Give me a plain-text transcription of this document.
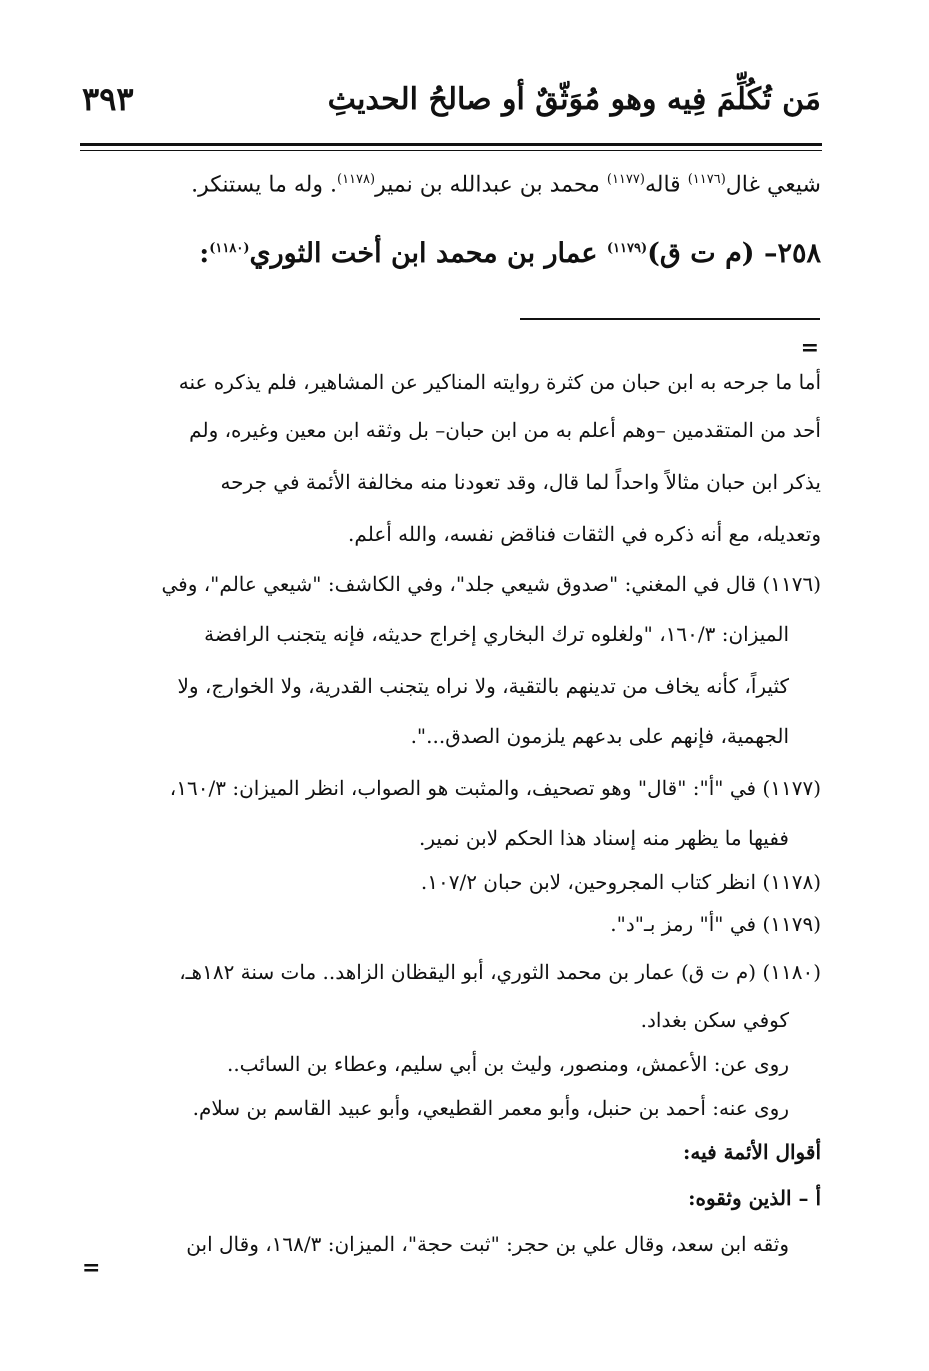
مَن تُكُلِّمَ فِيه وهو مُوَثّقٌ أو صالحُ الحديثِ
٣٩٣
شيعي غال$^{(١١٧٦)}$ قاله$^{(١١٧٧)}$ محمد بن عبدالله بن نمير$^{(١١٧٨)}$. وله ما يستنكر.
٢٥٨– (م ت ق)$^{(١١٧٩)}$ عمار بن محمد ابن أخت الثوري$^{(١١٨٠)}$:
=
أما ما جرحه به ابن حبان من كثرة روايته المناكير عن المشاهير، فلم يذكره عنه
أحد من المتقدمين –وهم أعلم به من ابن حبان– بل وثقه ابن معين وغيره، ولم
يذكر ابن حبان مثالاً واحداً لما قال، وقد تعودنا منه مخالفة الأئمة في جرحه
وتعديله، مع أنه ذكره في الثقات فناقض نفسه، والله أعلم.
(١١٧٦) قال في المغني: "صدوق شيعي جلد"، وفي الكاشف: "شيعي عالم"، وفي
الميزان: ١٦٠/٣، "ولغلوه ترك البخاري إخراج حديثه، فإنه يتجنب الرافضة
كثيراً، كأنه يخاف من تدينهم بالتقية، ولا نراه يتجنب القدرية، ولا الخوارج، ولا
الجهمية، فإنهم على بدعهم يلزمون الصدق...".
(١١٧٧) في "أ": "قال" وهو تصحيف، والمثبت هو الصواب، انظر الميزان: ١٦٠/٣،
ففيها ما يظهر منه إسناد هذا الحكم لابن نمير.
(١١٧٨) انظر كتاب المجروحين، لابن حبان ١٠٧/٢.
(١١٧٩) في "أ" رمز بـ"د".
(١١٨٠) (م ت ق) عمار بن محمد الثوري، أبو اليقظان الزاهد.. مات سنة ١٨٢هـ،
كوفي سكن بغداد.
روى عن: الأعمش، ومنصور، وليث بن أبي سليم، وعطاء بن السائب..
روى عنه: أحمد بن حنبل، وأبو معمر القطيعي، وأبو عبيد القاسم بن سلام.
أقوال الأئمة فيه:
أ – الذين وثقوه:
وثقه ابن سعد، وقال علي بن حجر: "ثبت حجة"، الميزان: ١٦٨/٣، وقال ابن
=
